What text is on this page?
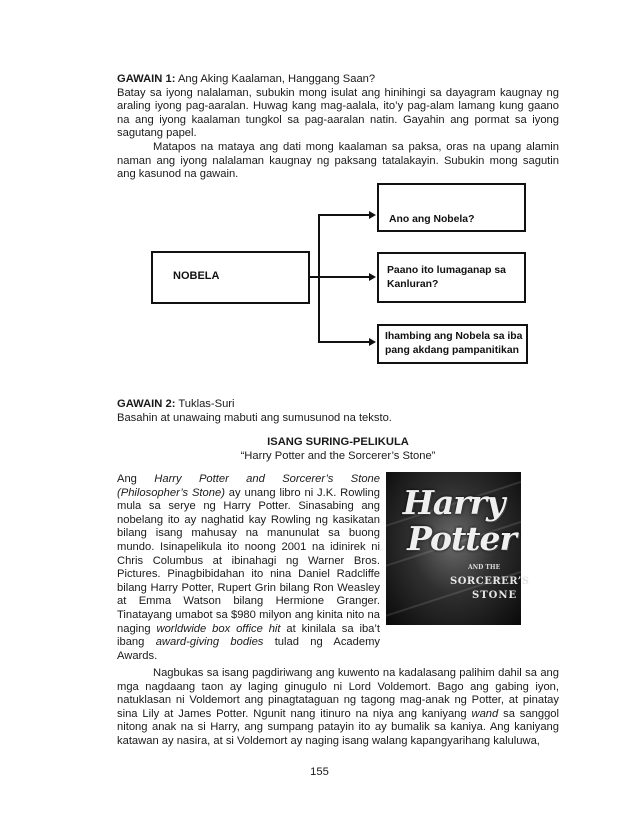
GAWAIN 1: Ang Aking Kaalaman, Hanggang Saan?
Batay sa iyong nalalaman, subukin mong isulat ang hinihingi sa dayagram kaugnay ng araling iyong pag-aaralan. Huwag kang mag-aalala, ito’y pag-alam lamang kung gaano na ang iyong kaalaman tungkol sa pag-aaralan natin. Gayahin ang pormat sa iyong sagutang papel.
Matapos na mataya ang dati mong kaalaman sa paksa, oras na upang alamin naman ang iyong nalalaman kaugnay ng paksang tatalakayin. Subukin mong sagutin ang kasunod na gawain.
NOBELA
Ano ang Nobela?
Paano ito lumaganap sa
Kanluran?
Ihambing ang Nobela sa iba
pang akdang pampanitikan
GAWAIN 2: Tuklas-Suri
Basahin at unawaing mabuti ang sumusunod na teksto.
ISANG SURING-PELIKULA
“Harry Potter and the Sorcerer’s Stone”
Ang Harry Potter and Sorcerer’s Stone (Philosopher’s Stone) ay unang libro ni J.K. Rowling mula sa serye ng Harry Potter. Sinasabing ang nobelang ito ay naghatid kay Rowling ng kasikatan bilang isang mahusay na manunulat sa buong mundo. Isinapelikula ito noong 2001 na idinirek ni Chris Columbus at ibinahagi ng Warner Bros. Pictures. Pinagbibidahan ito nina Daniel Radcliffe bilang Harry Potter, Rupert Grin bilang Ron Weasley at Emma Watson bilang Hermione Granger. Tinatayang umabot sa $980 milyon ang kinita nito na naging worldwide box office hit at kinilala sa iba’t ibang award-giving bodies tulad ng Academy Awards.
Harry
Potter
AND THE
SORCERER’S
STONE
Nagbukas sa isang pagdiriwang ang kuwento na kadalasang palihim dahil sa ang mga nagdaang taon ay laging ginugulo ni Lord Voldemort. Bago ang gabing iyon, natuklasan ni Voldemort ang pinagtataguan ng tagong mag-anak ng Potter, at pinatay sina Lily at James Potter. Ngunit nang itinuro na niya ang kaniyang wand sa sanggol nitong anak na si Harry, ang sumpang patayin ito ay bumalik sa kaniya. Ang kaniyang katawan ay nasira, at si Voldemort ay naging isang walang kapangyarihang kaluluwa,
155
